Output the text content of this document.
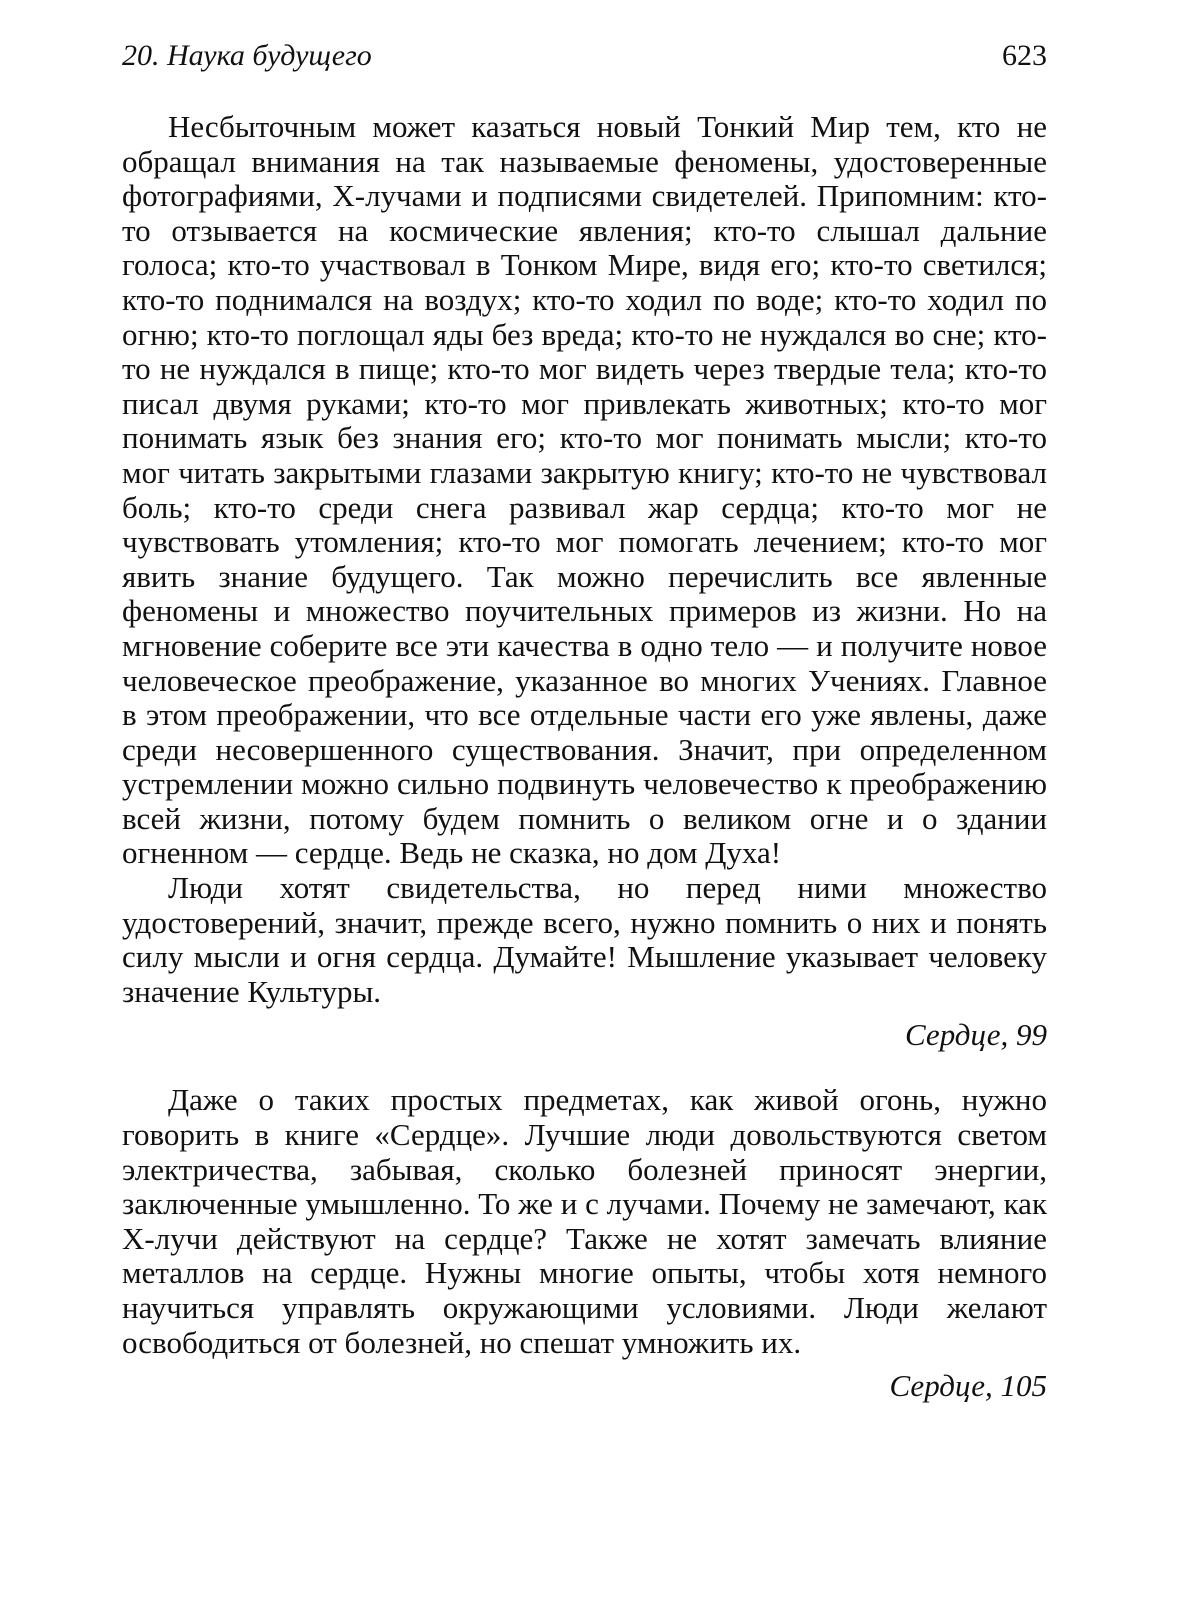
20. Наука будущего	623

Несбыточным может казаться новый Тонкий Мир тем, кто не обращал внимания на так называемые феномены, удостоверенные фотографиями, X-лучами и подписями свидетелей. Припомним: кто-то отзывается на космические явления; кто-то слышал дальние голоса; кто-то участвовал в Тонком Мире, видя его; кто-то светился; кто-то поднимался на воздух; кто-то ходил по воде; кто-то ходил по огню; кто-то поглощал яды без вреда; кто-то не нуждался во сне; кто-то не нуждался в пище; кто-то мог видеть через твердые тела; кто-то писал двумя руками; кто-то мог привлекать животных; кто-то мог понимать язык без знания его; кто-то мог понимать мысли; кто-то мог читать закрытыми глазами закрытую книгу; кто-то не чувствовал боль; кто-то среди снега развивал жар сердца; кто-то мог не чувствовать утомления; кто-то мог помогать лечением; кто-то мог явить знание будущего. Так можно перечислить все явленные феномены и множество поучительных примеров из жизни. Но на мгновение соберите все эти качества в одно тело — и получите новое человеческое преображение, указанное во многих Учениях. Главное в этом преображении, что все отдельные части его уже явлены, даже среди несовершенного существования. Значит, при определенном устремлении можно сильно подвинуть человечество к преображению всей жизни, потому будем помнить о великом огне и о здании огненном — сердце. Ведь не сказка, но дом Духа!

Люди хотят свидетельства, но перед ними множество удостоверений, значит, прежде всего, нужно помнить о них и понять силу мысли и огня сердца. Думайте! Мышление указывает человеку значение Культуры.

Сердце, 99

Даже о таких простых предметах, как живой огонь, нужно говорить в книге «Сердце». Лучшие люди довольствуются светом электричества, забывая, сколько болезней приносят энергии, заключенные умышленно. То же и с лучами. Почему не замечают, как X-лучи действуют на сердце? Также не хотят замечать влияние металлов на сердце. Нужны многие опыты, чтобы хотя немного научиться управлять окружающими условиями. Люди желают освободиться от болезней, но спешат умножить их.

Сердце, 105
